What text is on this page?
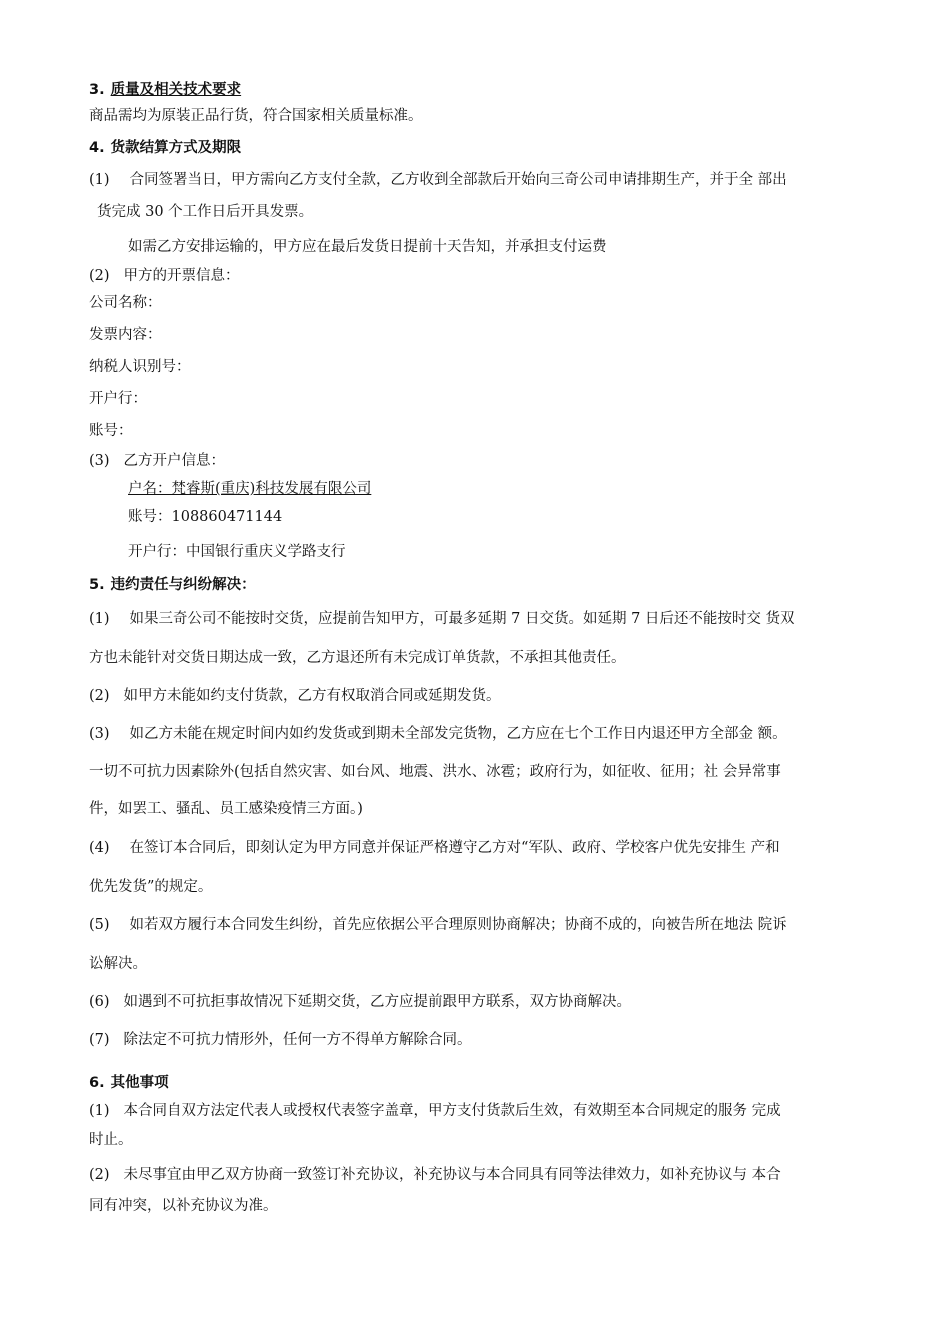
3. 质量及相关技术要求
商品需均为原装正品行货，符合国家相关质量标准。
4. 货款结算方式及期限
(1) 合同签署当日，甲方需向乙方支付全款，乙方收到全部款后开始向三奇公司申请排期生产，并于全 部出
货完成 30 个工作日后开具发票。
如需乙方安排运输的，甲方应在最后发货日提前十天告知，并承担支付运费
(2) 甲方的开票信息：
公司名称：
发票内容：
纳税人识别号：
开户行：
账号：
(3) 乙方开户信息：
户名：梵睿斯(重庆)科技发展有限公司
账号：108860471144
开户行：中国银行重庆义学路支行
5. 违约责任与纠纷解决：
(1) 如果三奇公司不能按时交货，应提前告知甲方，可最多延期 7 日交货。如延期 7 日后还不能按时交 货双
方也未能针对交货日期达成一致，乙方退还所有未完成订单货款，不承担其他责任。
(2) 如甲方未能如约支付货款，乙方有权取消合同或延期发货。
(3) 如乙方未能在规定时间内如约发货或到期未全部发完货物，乙方应在七个工作日内退还甲方全部金 额。
一切不可抗力因素除外(包括自然灾害、如台风、地震、洪水、冰雹；政府行为，如征收、征用；社 会异常事
件，如罢工、骚乱、员工感染疫情三方面。)
(4) 在签订本合同后，即刻认定为甲方同意并保证严格遵守乙方对“军队、政府、学校客户优先安排生 产和
优先发货”的规定。
(5) 如若双方履行本合同发生纠纷，首先应依据公平合理原则协商解决；协商不成的，向被告所在地法 院诉
讼解决。
(6) 如遇到不可抗拒事故情况下延期交货，乙方应提前跟甲方联系，双方协商解决。
(7) 除法定不可抗力情形外，任何一方不得单方解除合同。
6. 其他事项
(1) 本合同自双方法定代表人或授权代表签字盖章，甲方支付货款后生效，有效期至本合同规定的服务 完成
时止。
(2) 未尽事宜由甲乙双方协商一致签订补充协议，补充协议与本合同具有同等法律效力，如补充协议与 本合
同有冲突，以补充协议为准。
